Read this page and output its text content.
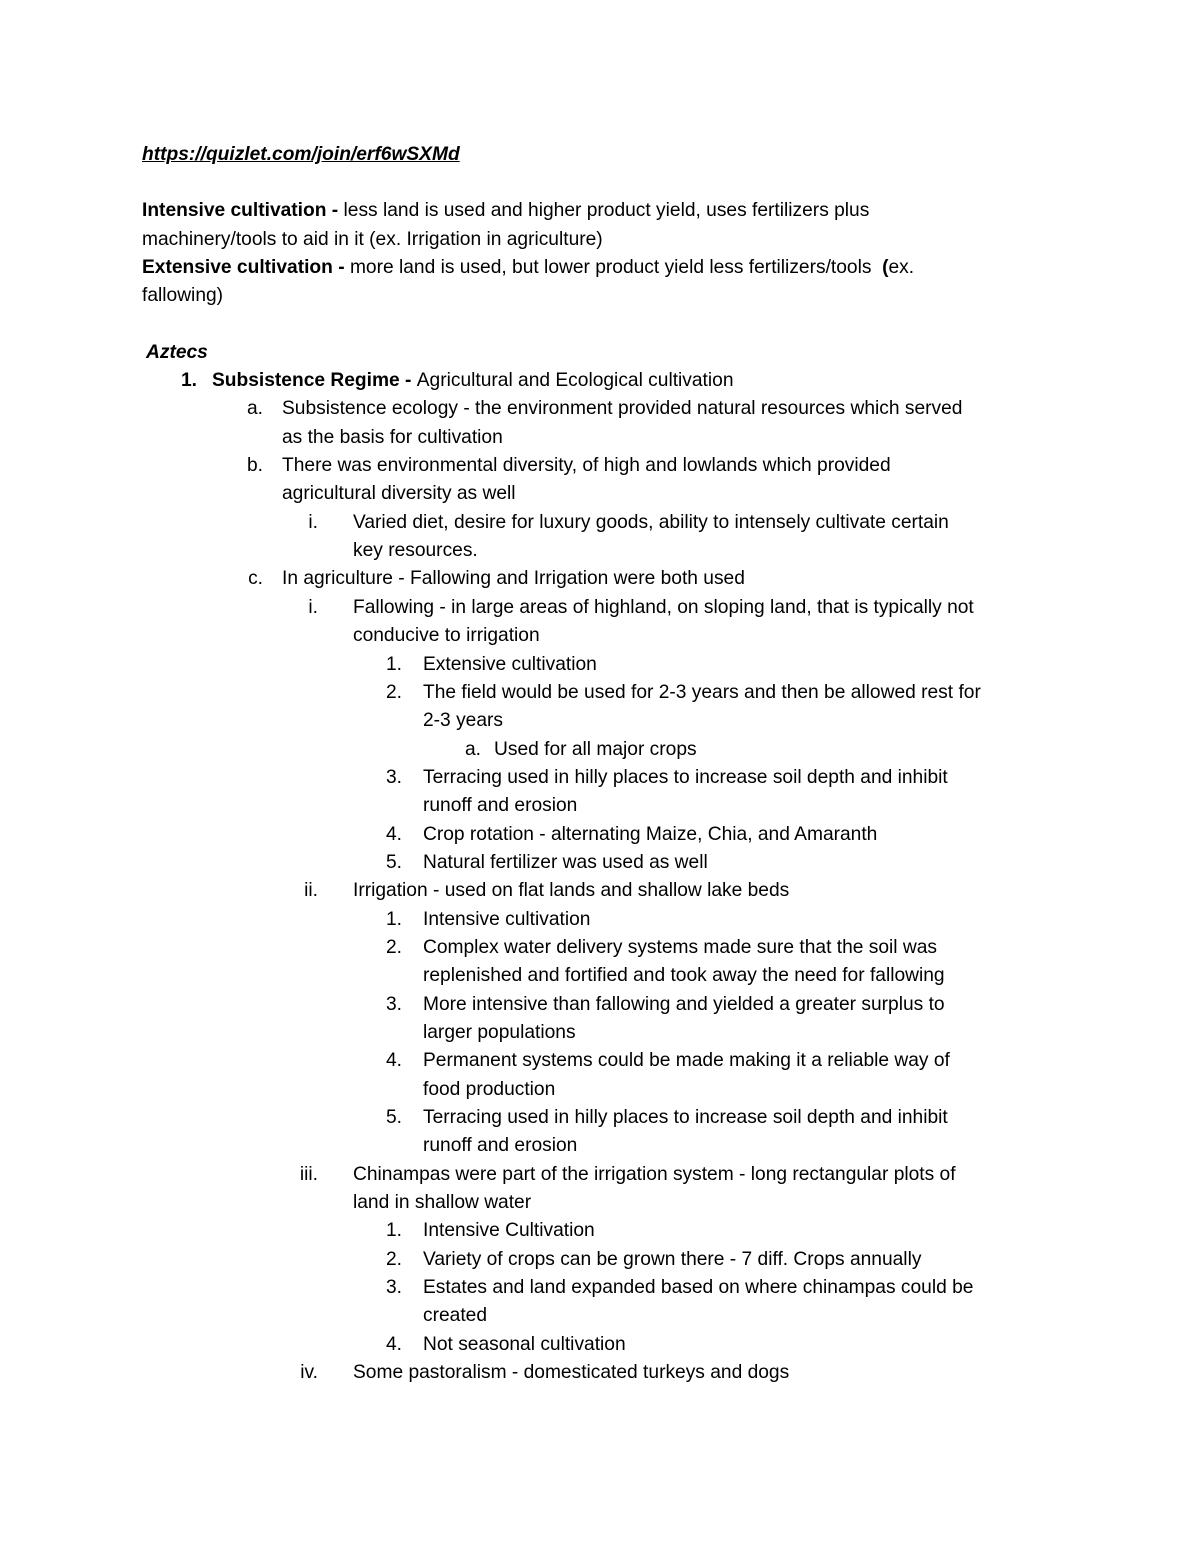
https://quizlet.com/join/erf6wSXMd

Intensive cultivation - less land is used and higher product yield, uses fertilizers plus
machinery/tools to aid in it (ex. Irrigation in agriculture)

Extensive cultivation - more land is used, but lower product yield less fertilizers/tools  (ex.
fallowing)

Aztecs
1. Subsistence Regime - Agricultural and Ecological cultivation
a. Subsistence ecology - the environment provided natural resources which served
as the basis for cultivation
b. There was environmental diversity, of high and lowlands which provided
agricultural diversity as well
i. Varied diet, desire for luxury goods, ability to intensely cultivate certain
key resources.
c. In agriculture - Fallowing and Irrigation were both used
i. Fallowing - in large areas of highland, on sloping land, that is typically not
conducive to irrigation
1. Extensive cultivation
2. The field would be used for 2-3 years and then be allowed rest for
2-3 years
a. Used for all major crops
3. Terracing used in hilly places to increase soil depth and inhibit
runoff and erosion
4. Crop rotation - alternating Maize, Chia, and Amaranth
5. Natural fertilizer was used as well
ii. Irrigation - used on flat lands and shallow lake beds
1. Intensive cultivation
2. Complex water delivery systems made sure that the soil was
replenished and fortified and took away the need for fallowing
3. More intensive than fallowing and yielded a greater surplus to
larger populations
4. Permanent systems could be made making it a reliable way of
food production
5. Terracing used in hilly places to increase soil depth and inhibit
runoff and erosion
iii. Chinampas were part of the irrigation system - long rectangular plots of
land in shallow water
1. Intensive Cultivation
2. Variety of crops can be grown there - 7 diff. Crops annually
3. Estates and land expanded based on where chinampas could be
created
4. Not seasonal cultivation
iv. Some pastoralism - domesticated turkeys and dogs
